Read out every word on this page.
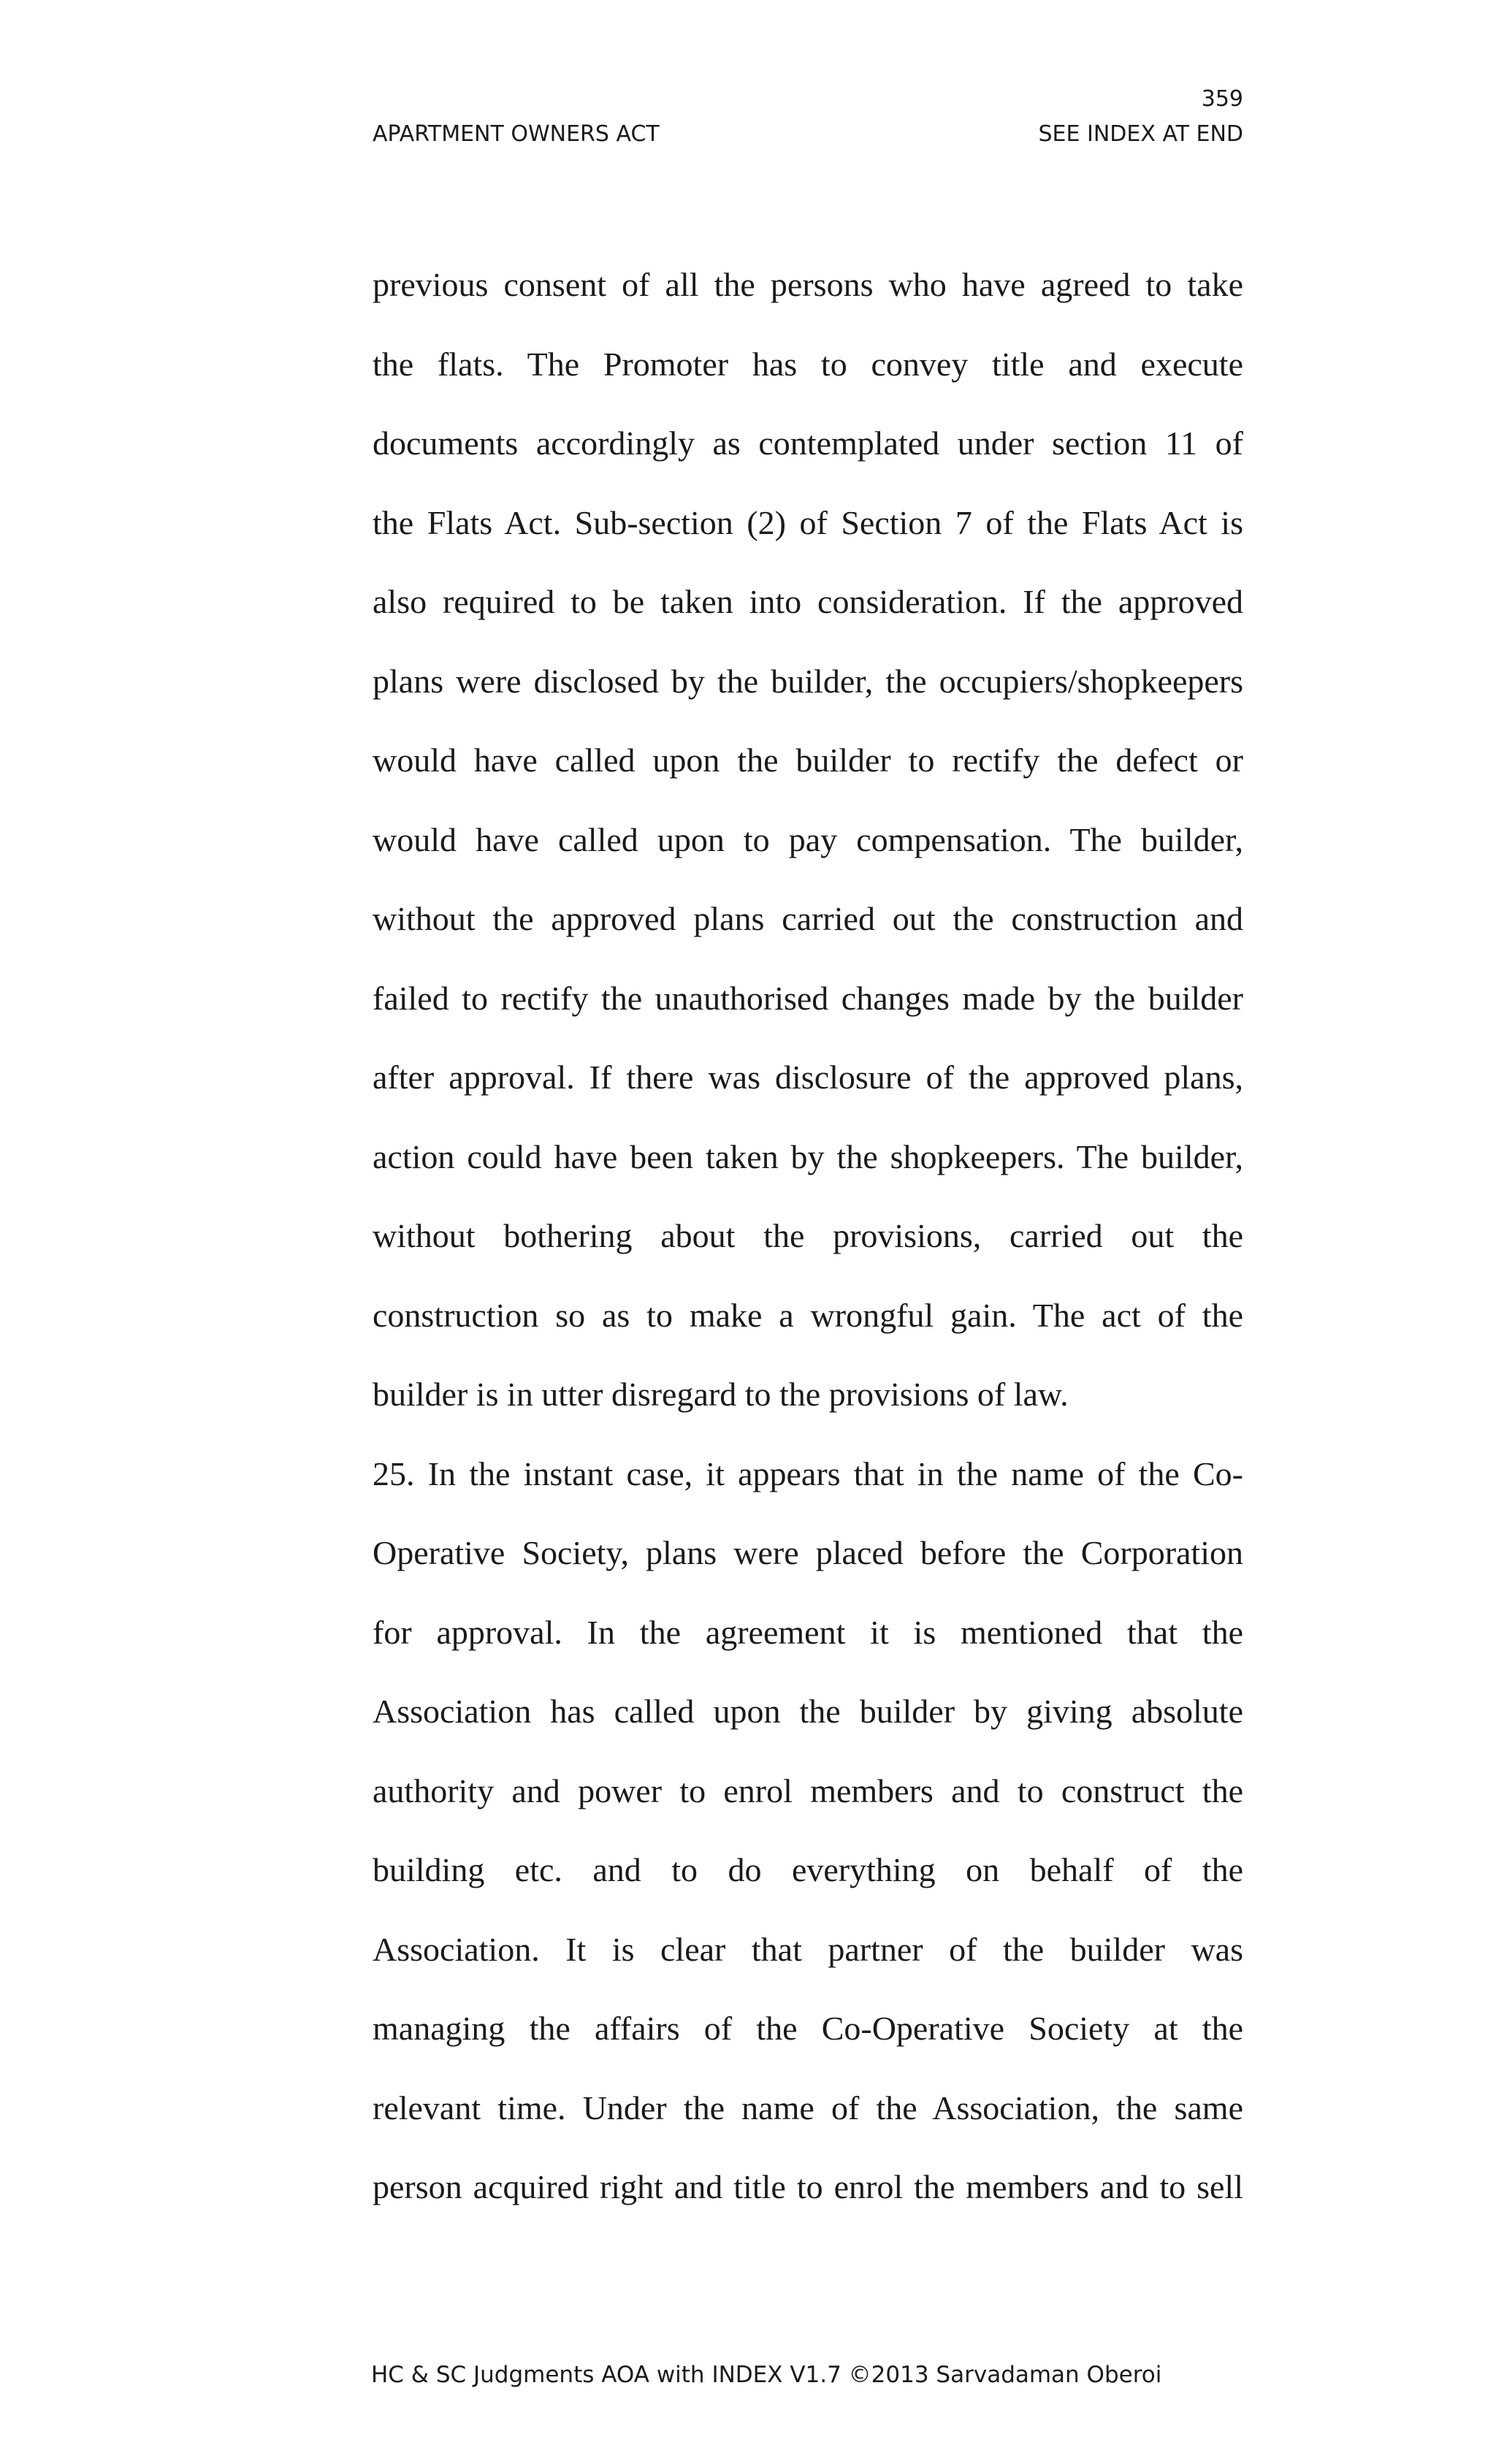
359
APARTMENT OWNERS ACT	SEE INDEX AT END
previous consent of all the persons who have agreed to take
the flats. The Promoter has to convey title and execute
documents accordingly as contemplated under section 11 of
the Flats Act. Sub-section (2) of Section 7 of the Flats Act is
also required to be taken into consideration. If the approved
plans were disclosed by the builder, the occupiers/shopkeepers
would have called upon the builder to rectify the defect or
would have called upon to pay compensation. The builder,
without the approved plans carried out the construction and
failed to rectify the unauthorised changes made by the builder
after approval. If there was disclosure of the approved plans,
action could have been taken by the shopkeepers. The builder,
without bothering about the provisions, carried out the
construction so as to make a wrongful gain. The act of the
builder is in utter disregard to the provisions of law.
25. In the instant case, it appears that in the name of the Co-
Operative Society, plans were placed before the Corporation
for approval. In the agreement it is mentioned that the
Association has called upon the builder by giving absolute
authority and power to enrol members and to construct the
building etc. and to do everything on behalf of the
Association. It is clear that partner of the builder was
managing the affairs of the Co-Operative Society at the
relevant time. Under the name of the Association, the same
person acquired right and title to enrol the members and to sell
HC & SC Judgments AOA with INDEX V1.7 ©2013 Sarvadaman Oberoi
